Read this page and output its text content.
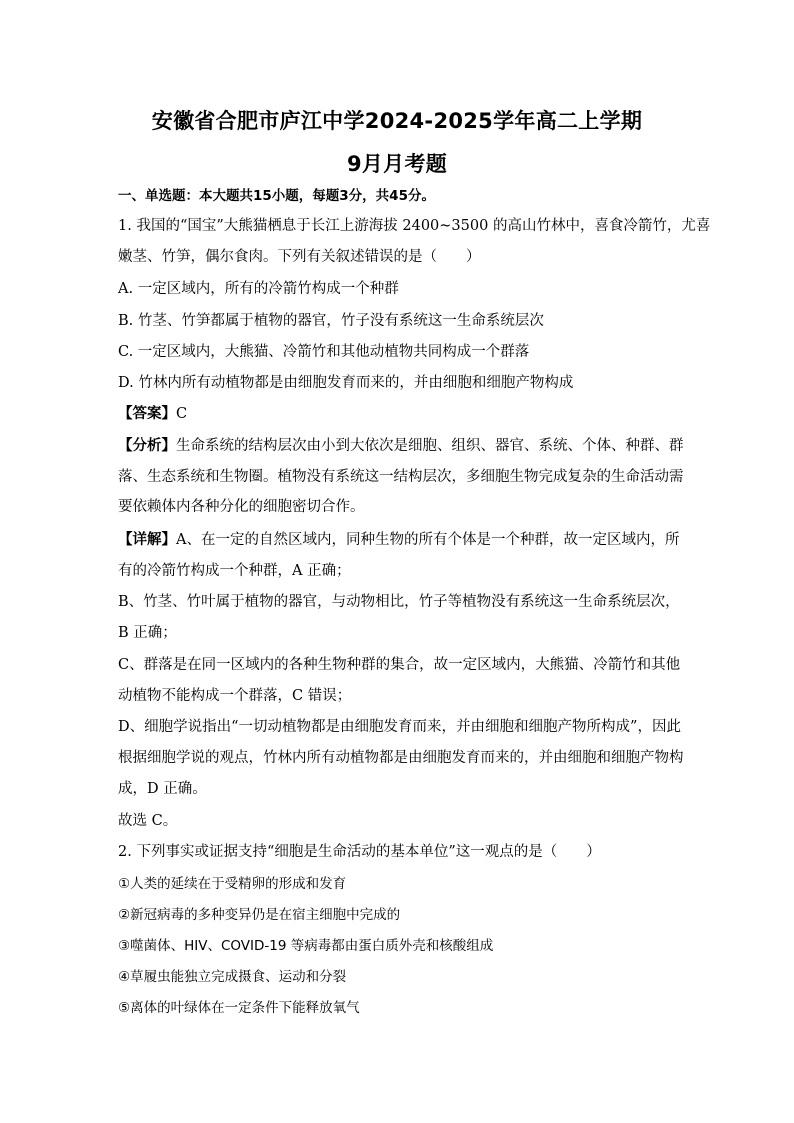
安徽省合肥市庐江中学2024-2025学年高二上学期
9月月考题
一、单选题：本大题共15小题，每题3分，共45分。
1. 我国的“国宝”大熊猫栖息于长江上游海拔 2400~3500 的高山竹林中，喜食冷箭竹，尤喜
嫩茎、竹笋，偶尔食肉。下列有关叙述错误的是（　　）
A. 一定区域内，所有的冷箭竹构成一个种群
B. 竹茎、竹笋都属于植物的器官，竹子没有系统这一生命系统层次
C. 一定区域内，大熊猫、冷箭竹和其他动植物共同构成一个群落
D. 竹林内所有动植物都是由细胞发育而来的，并由细胞和细胞产物构成
【答案】C
【分析】生命系统的结构层次由小到大依次是细胞、组织、器官、系统、个体、种群、群
落、生态系统和生物圈。植物没有系统这一结构层次，多细胞生物完成复杂的生命活动需
要依赖体内各种分化的细胞密切合作。
【详解】A、在一定的自然区域内，同种生物的所有个体是一个种群，故一定区域内，所
有的冷箭竹构成一个种群，A 正确；
B、竹茎、竹叶属于植物的器官，与动物相比，竹子等植物没有系统这一生命系统层次，
B 正确；
C、群落是在同一区域内的各种生物种群的集合，故一定区域内，大熊猫、冷箭竹和其他
动植物不能构成一个群落，C 错误；
D、细胞学说指出“一切动植物都是由细胞发育而来，并由细胞和细胞产物所构成”，因此
根据细胞学说的观点，竹林内所有动植物都是由细胞发育而来的，并由细胞和细胞产物构
成，D 正确。
故选 C。
2. 下列事实或证据支持“细胞是生命活动的基本单位”这一观点的是（　　）
①人类的延续在于受精卵的形成和发育
②新冠病毒的多种变异仍是在宿主细胞中完成的
③噬菌体、HIV、COVID-19 等病毒都由蛋白质外壳和核酸组成
④草履虫能独立完成摄食、运动和分裂
⑤离体的叶绿体在一定条件下能释放氧气
